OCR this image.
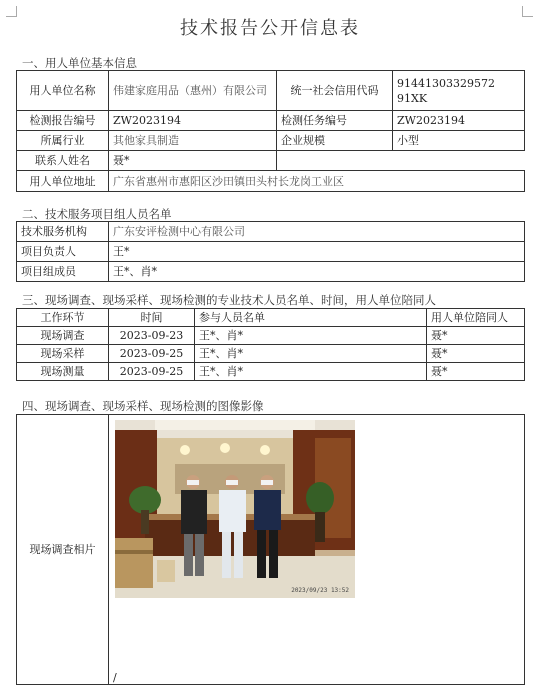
技术报告公开信息表
一、用人单位基本信息
用人单位名称	伟建家庭用品（惠州）有限公司	统一社会信用代码	91441303329572 91XK
检测报告编号	ZW2023194	检测任务编号	ZW2023194
所属行业	其他家具制造	企业规模	小型
联系人姓名	聂*		
用人单位地址	广东省惠州市惠阳区沙田镇田头村长龙岗工业区		
二、技术服务项目组人员名单
技术服务机构	广东安评检测中心有限公司
项目负责人	王*
项目组成员	王*、肖*
三、现场调查、现场采样、现场检测的专业技术人员名单、时间，用人单位陪同人
工作环节	时间	参与人员名单	用人单位陪同人
现场调查	2023-09-23	王*、肖*	聂*
现场采样	2023-09-25	王*、肖*	聂*
现场测量	2023-09-25	王*、肖*	聂*
四、现场调查、现场采样、现场检测的图像影像
现场调查相片	
/
2023/09/23 13:52
